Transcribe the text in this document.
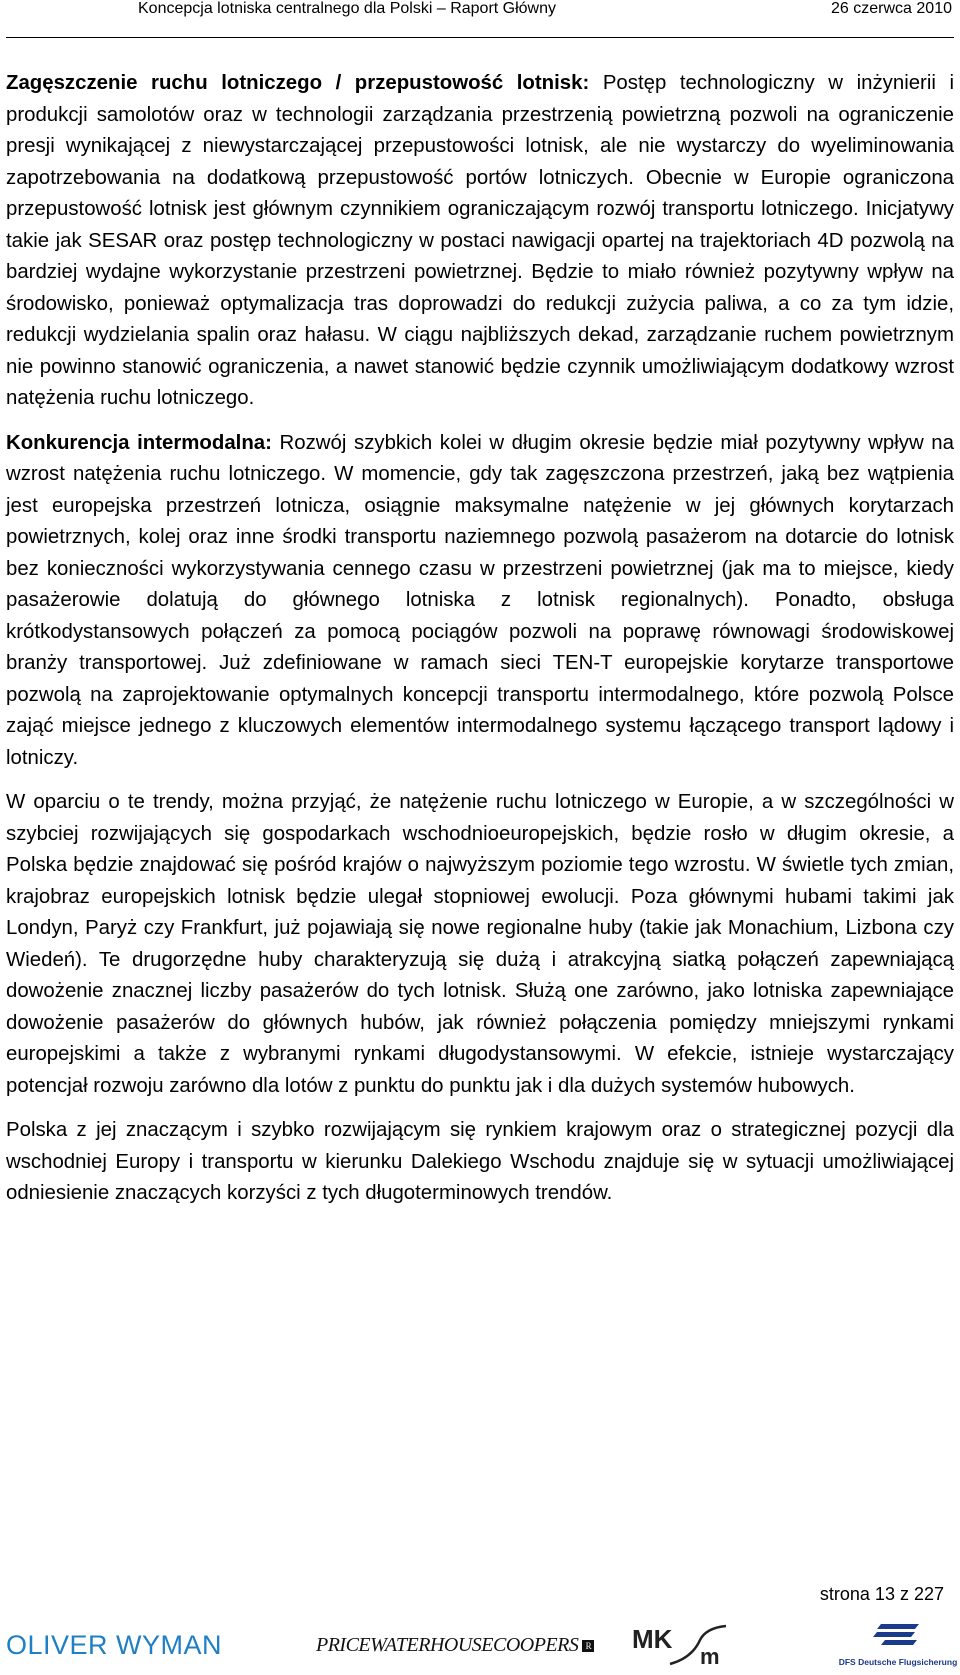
Koncepcja lotniska centralnego dla Polski – Raport Główny	26 czerwca 2010

Zagęszczenie ruchu lotniczego / przepustowość lotnisk: Postęp technologiczny w inżynierii i produkcji samolotów oraz w technologii zarządzania przestrzenią powietrzną pozwoli na ograniczenie presji wynikającej z niewystarczającej przepustowości lotnisk, ale nie wystarczy do wyeliminowania zapotrzebowania na dodatkową przepustowość portów lotniczych. Obecnie w Europie ograniczona przepustowość lotnisk jest głównym czynnikiem ograniczającym rozwój transportu lotniczego. Inicjatywy takie jak SESAR oraz postęp technologiczny w postaci nawigacji opartej na trajektoriach 4D pozwolą na bardziej wydajne wykorzystanie przestrzeni powietrznej. Będzie to miało również pozytywny wpływ na środowisko, ponieważ optymalizacja tras doprowadzi do redukcji zużycia paliwa, a co za tym idzie, redukcji wydzielania spalin oraz hałasu. W ciągu najbliższych dekad, zarządzanie ruchem powietrznym nie powinno stanowić ograniczenia, a nawet stanowić będzie czynnik umożliwiającym dodatkowy wzrost natężenia ruchu lotniczego.

Konkurencja intermodalna: Rozwój szybkich kolei w długim okresie będzie miał pozytywny wpływ na wzrost natężenia ruchu lotniczego. W momencie, gdy tak zagęszczona przestrzeń, jaką bez wątpienia jest europejska przestrzeń lotnicza, osiągnie maksymalne natężenie w jej głównych korytarzach powietrznych, kolej oraz inne środki transportu naziemnego pozwolą pasażerom na dotarcie do lotnisk bez konieczności wykorzystywania cennego czasu w przestrzeni powietrznej (jak ma to miejsce, kiedy pasażerowie dolatują do głównego lotniska z lotnisk regionalnych). Ponadto, obsługa krótkodystansowych połączeń za pomocą pociągów pozwoli na poprawę równowagi środowiskowej branży transportowej. Już zdefiniowane w ramach sieci TEN-T europejskie korytarze transportowe pozwolą na zaprojektowanie optymalnych koncepcji transportu intermodalnego, które pozwolą Polsce zająć miejsce jednego z kluczowych elementów intermodalnego systemu łączącego transport lądowy i lotniczy.

W oparciu o te trendy, można przyjąć, że natężenie ruchu lotniczego w Europie, a w szczególności w szybciej rozwijających się gospodarkach wschodnioeuropejskich, będzie rosło w długim okresie, a Polska będzie znajdować się pośród krajów o najwyższym poziomie tego wzrostu. W świetle tych zmian, krajobraz europejskich lotnisk będzie ulegał stopniowej ewolucji. Poza głównymi hubami takimi jak Londyn, Paryż czy Frankfurt, już pojawiają się nowe regionalne huby (takie jak Monachium, Lizbona czy Wiedeń). Te drugorzędne huby charakteryzują się dużą i atrakcyjną siatką połączeń zapewniającą dowożenie znacznej liczby pasażerów do tych lotnisk. Służą one zarówno, jako lotniska zapewniające dowożenie pasażerów do głównych hubów, jak również połączenia pomiędzy mniejszymi rynkami europejskimi a także z wybranymi rynkami długodystansowymi. W efekcie, istnieje wystarczający potencjał rozwoju zarówno dla lotów z punktu do punktu jak i dla dużych systemów hubowych.

Polska z jej znaczącym i szybko rozwijającym się rynkiem krajowym oraz o strategicznej pozycji dla wschodniej Europy i transportu w kierunku Dalekiego Wschodu znajduje się w sytuacji umożliwiającej odniesienie znaczących korzyści z tych długoterminowych trendów.

strona 13 z 227
OLIVER WYMAN	PRICEWATERHOUSECOOPERS R MK
m	DFS Deutsche Flugsicherung
